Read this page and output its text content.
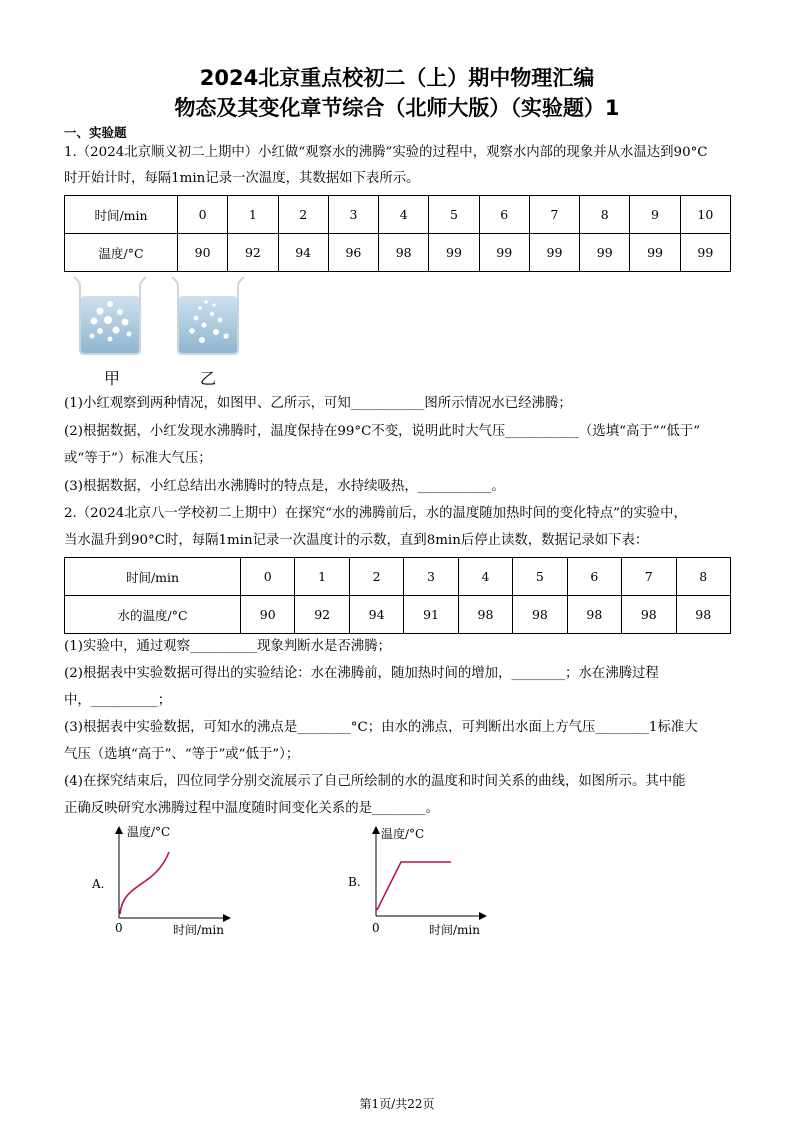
2024北京重点校初二（上）期中物理汇编
物态及其变化章节综合（北师大版）（实验题）1
一、实验题
1.（2024北京顺义初二上期中）小红做“观察水的沸腾”实验的过程中，观察水内部的现象并从水温达到90°C
时开始计时，每隔1min记录一次温度，其数据如下表所示。
时间/min	0	1	2	3	4	5	6	7	8	9	10
温度/°C	90	92	94	96	98	99	99	99	99	99	99
甲	乙
(1)小红观察到两种情况，如图甲、乙所示，可知___________图所示情况水已经沸腾；
(2)根据数据，小红发现水沸腾时，温度保持在99°C不变，说明此时大气压___________（选填“高于”“低于”
或“等于”）标准大气压；
(3)根据数据，小红总结出水沸腾时的特点是，水持续吸热，___________。
2.（2024北京八一学校初二上期中）在探究“水的沸腾前后，水的温度随加热时间的变化特点”的实验中，
当水温升到90°C时，每隔1min记录一次温度计的示数，直到8min后停止读数，数据记录如下表：
时间/min	0	1	2	3	4	5	6	7	8
水的温度/°C	90	92	94	91	98	98	98	98	98
(1)实验中，通过观察__________现象判断水是否沸腾；
(2)根据表中实验数据可得出的实验结论：水在沸腾前，随加热时间的增加，________；水在沸腾过程
中，__________；
(3)根据表中实验数据，可知水的沸点是________°C；由水的沸点，可判断出水面上方气压________1标准大
气压（选填“高于”、“等于”或“低于”）；
(4)在探究结束后，四位同学分别交流展示了自己所绘制的水的温度和时间关系的曲线，如图所示。其中能
正确反映研究水沸腾过程中温度随时间变化关系的是________。
温度/°C
A.
0	时间/min
温度/°C
B.
0	时间/min
第1页/共22页
